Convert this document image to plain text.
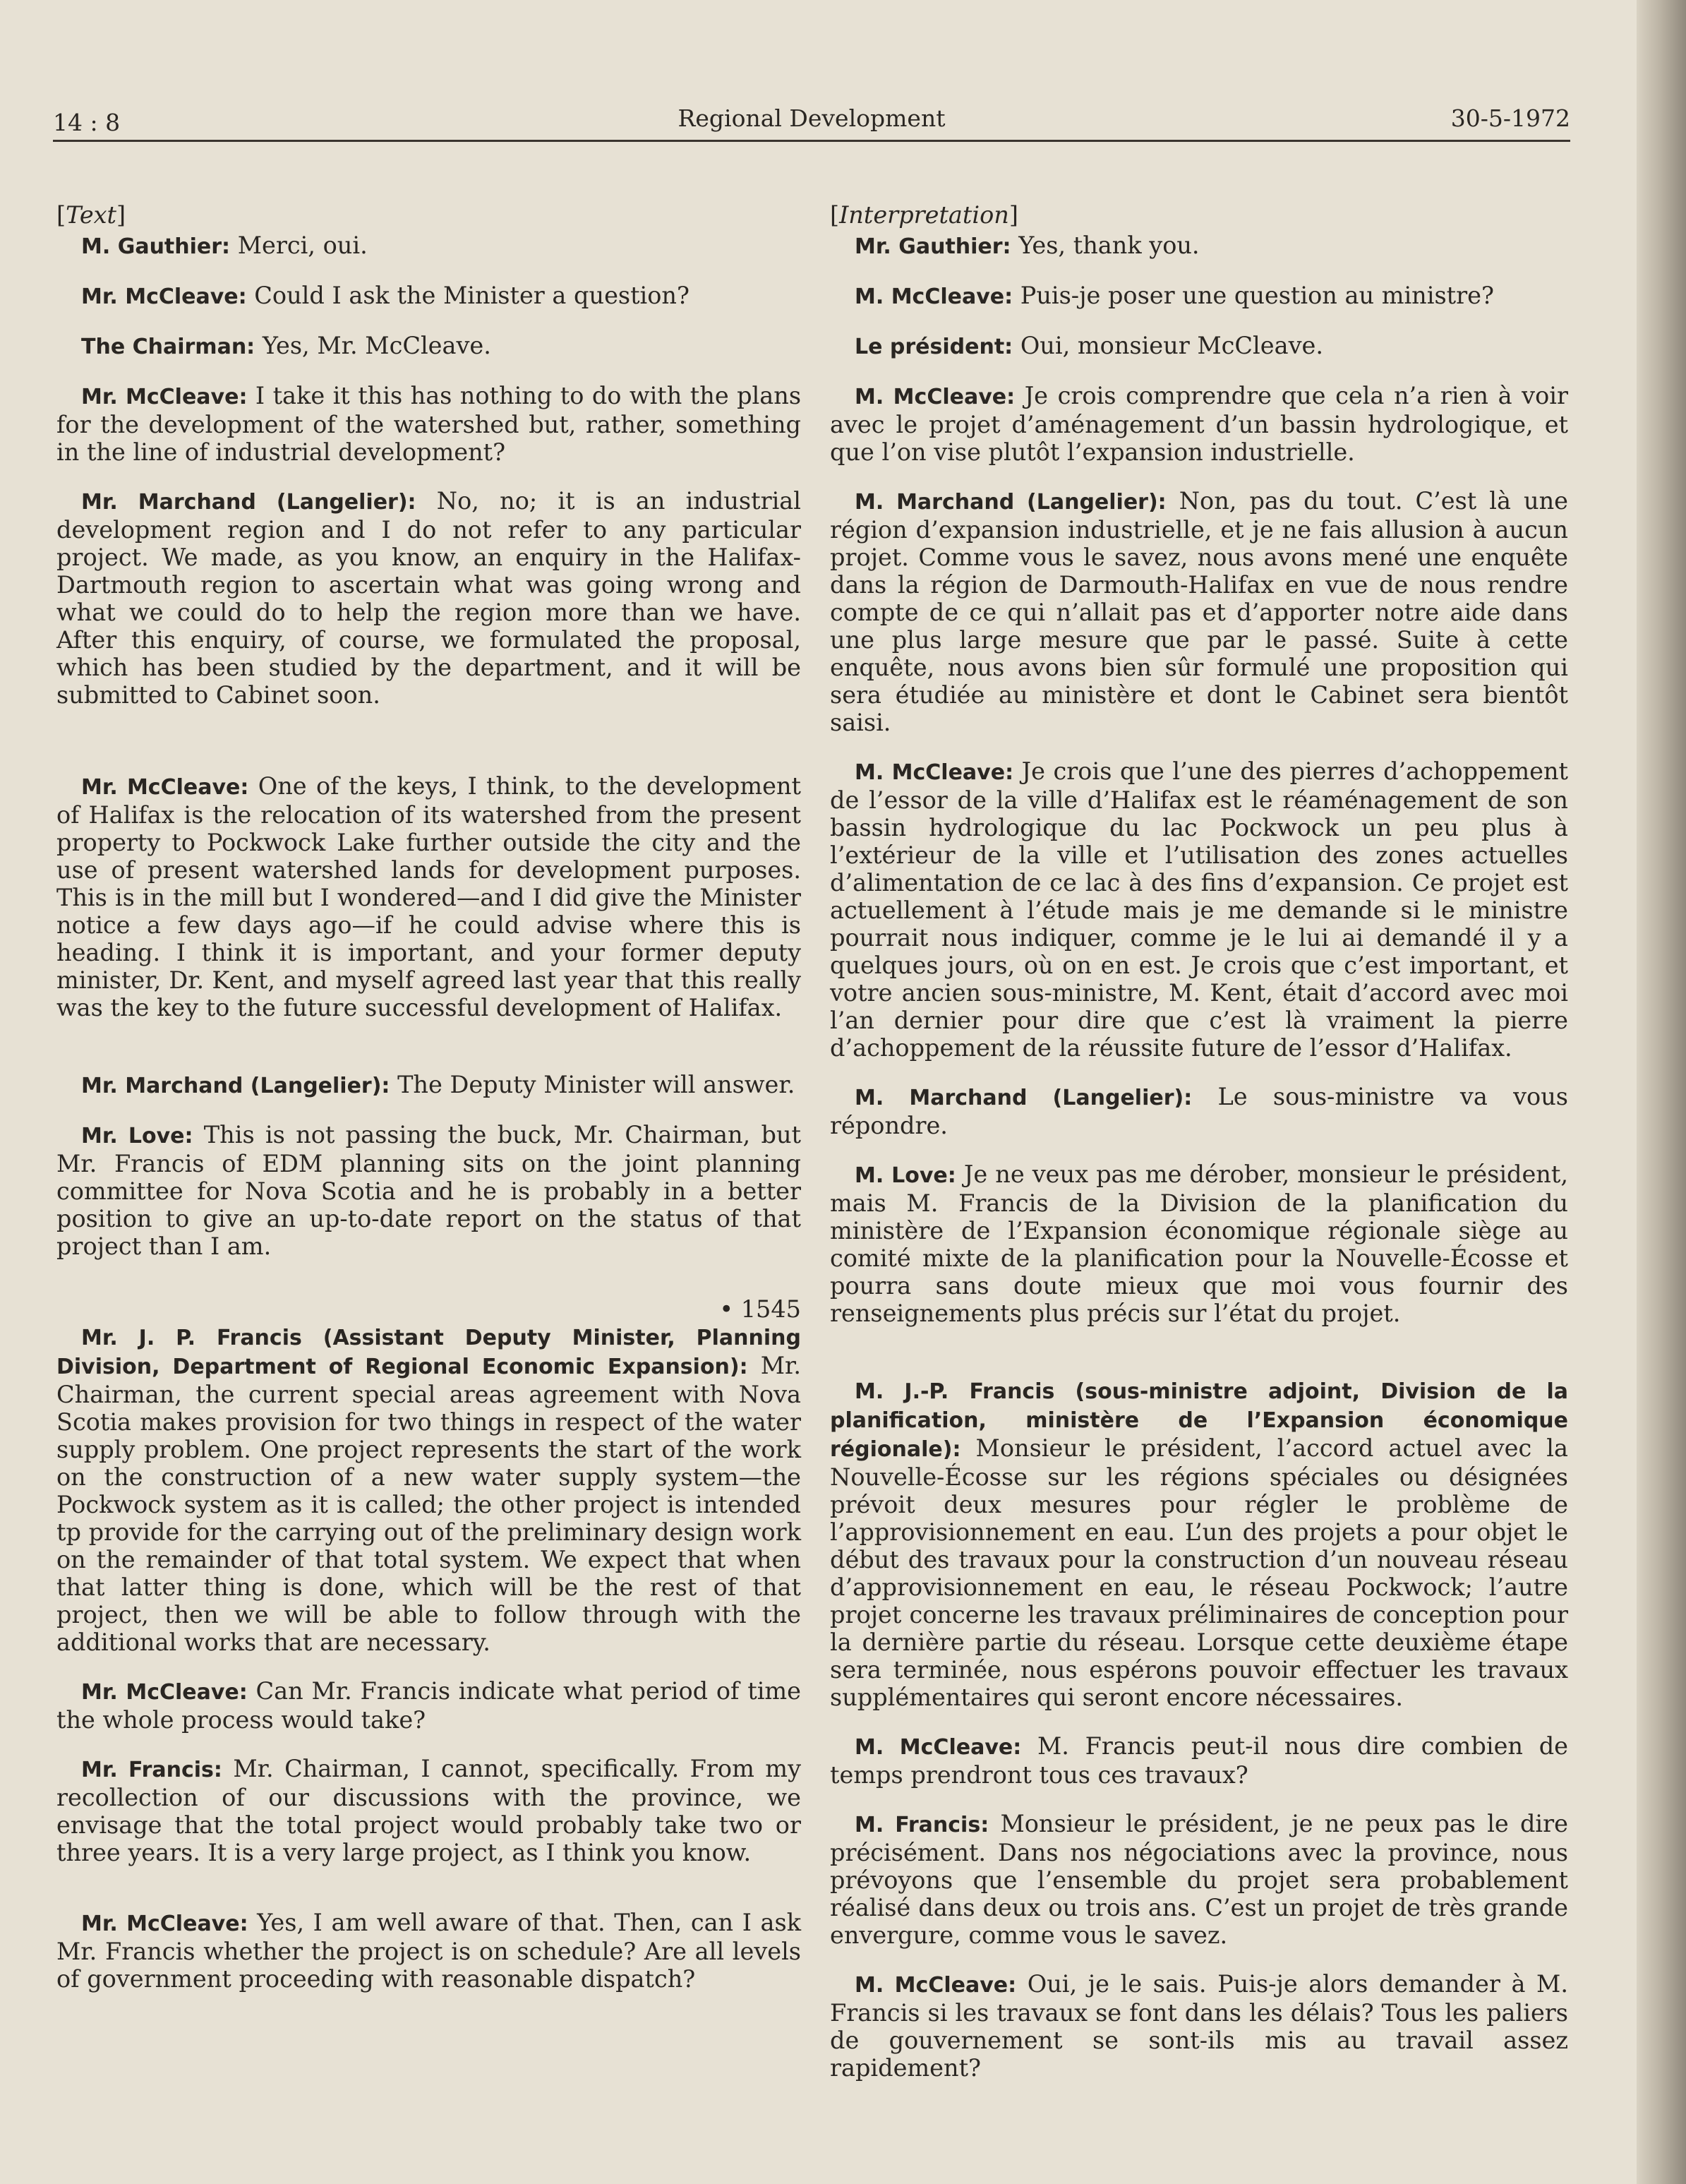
14 : 8	Regional Development	30-5-1972

[Text]

M. Gauthier: Merci, oui.

Mr. McCleave: Could I ask the Minister a question?

The Chairman: Yes, Mr. McCleave.

Mr. McCleave: I take it this has nothing to do with the plans for the development of the watershed but, rather, something in the line of industrial development?

Mr. Marchand (Langelier): No, no; it is an industrial development region and I do not refer to any particular project. We made, as you know, an enquiry in the Halifax-Dartmouth region to ascertain what was going wrong and what we could do to help the region more than we have. After this enquiry, of course, we formulated the proposal, which has been studied by the department, and it will be submitted to Cabinet soon.

Mr. McCleave: One of the keys, I think, to the development of Halifax is the relocation of its watershed from the present property to Pockwock Lake further outside the city and the use of present watershed lands for development purposes. This is in the mill but I wondered—and I did give the Minister notice a few days ago—if he could advise where this is heading. I think it is important, and your former deputy minister, Dr. Kent, and myself agreed last year that this really was the key to the future successful development of Halifax.

Mr. Marchand (Langelier): The Deputy Minister will answer.

Mr. Love: This is not passing the buck, Mr. Chairman, but Mr. Francis of EDM planning sits on the joint planning committee for Nova Scotia and he is probably in a better position to give an up-to-date report on the status of that project than I am.

• 1545

Mr. J. P. Francis (Assistant Deputy Minister, Planning Division, Department of Regional Economic Expansion): Mr. Chairman, the current special areas agreement with Nova Scotia makes provision for two things in respect of the water supply problem. One project represents the start of the work on the construction of a new water supply system—the Pockwock system as it is called; the other project is intended tp provide for the carrying out of the preliminary design work on the remainder of that total system. We expect that when that latter thing is done, which will be the rest of that project, then we will be able to follow through with the additional works that are necessary.

Mr. McCleave: Can Mr. Francis indicate what period of time the whole process would take?

Mr. Francis: Mr. Chairman, I cannot, specifically. From my recollection of our discussions with the province, we envisage that the total project would probably take two or three years. It is a very large project, as I think you know.

Mr. McCleave: Yes, I am well aware of that. Then, can I ask Mr. Francis whether the project is on schedule? Are all levels of government proceeding with reasonable dispatch?

[Interpretation]

Mr. Gauthier: Yes, thank you.

M. McCleave: Puis-je poser une question au ministre?

Le président: Oui, monsieur McCleave.

M. McCleave: Je crois comprendre que cela n’a rien à voir avec le projet d’aménagement d’un bassin hydrologique, et que l’on vise plutôt l’expansion industrielle.

M. Marchand (Langelier): Non, pas du tout. C’est là une région d’expansion industrielle, et je ne fais allusion à aucun projet. Comme vous le savez, nous avons mené une enquête dans la région de Darmouth-Halifax en vue de nous rendre compte de ce qui n’allait pas et d’apporter notre aide dans une plus large mesure que par le passé. Suite à cette enquête, nous avons bien sûr formulé une proposition qui sera étudiée au ministère et dont le Cabinet sera bientôt saisi.

M. McCleave: Je crois que l’une des pierres d’achoppement de l’essor de la ville d’Halifax est le réaménagement de son bassin hydrologique du lac Pockwock un peu plus à l’extérieur de la ville et l’utilisation des zones actuelles d’alimentation de ce lac à des fins d’expansion. Ce projet est actuellement à l’étude mais je me demande si le ministre pourrait nous indiquer, comme je le lui ai demandé il y a quelques jours, où on en est. Je crois que c’est important, et votre ancien sous-ministre, M. Kent, était d’accord avec moi l’an dernier pour dire que c’est là vraiment la pierre d’achoppement de la réussite future de l’essor d’Halifax.

M. Marchand (Langelier): Le sous-ministre va vous répondre.

M. Love: Je ne veux pas me dérober, monsieur le président, mais M. Francis de la Division de la planification du ministère de l’Expansion économique régionale siège au comité mixte de la planification pour la Nouvelle-Écosse et pourra sans doute mieux que moi vous fournir des renseignements plus précis sur l’état du projet.

M. J.-P. Francis (sous-ministre adjoint, Division de la planification, ministère de l’Expansion économique régionale): Monsieur le président, l’accord actuel avec la Nouvelle-Écosse sur les régions spéciales ou désignées prévoit deux mesures pour régler le problème de l’approvisionnement en eau. L’un des projets a pour objet le début des travaux pour la construction d’un nouveau réseau d’approvisionnement en eau, le réseau Pockwock; l’autre projet concerne les travaux préliminaires de conception pour la dernière partie du réseau. Lorsque cette deuxième étape sera terminée, nous espérons pouvoir effectuer les travaux supplémentaires qui seront encore nécessaires.

M. McCleave: M. Francis peut-il nous dire combien de temps prendront tous ces travaux?

M. Francis: Monsieur le président, je ne peux pas le dire précisément. Dans nos négociations avec la province, nous prévoyons que l’ensemble du projet sera probablement réalisé dans deux ou trois ans. C’est un projet de très grande envergure, comme vous le savez.

M. McCleave: Oui, je le sais. Puis-je alors demander à M. Francis si les travaux se font dans les délais? Tous les paliers de gouvernement se sont-ils mis au travail assez rapidement?
